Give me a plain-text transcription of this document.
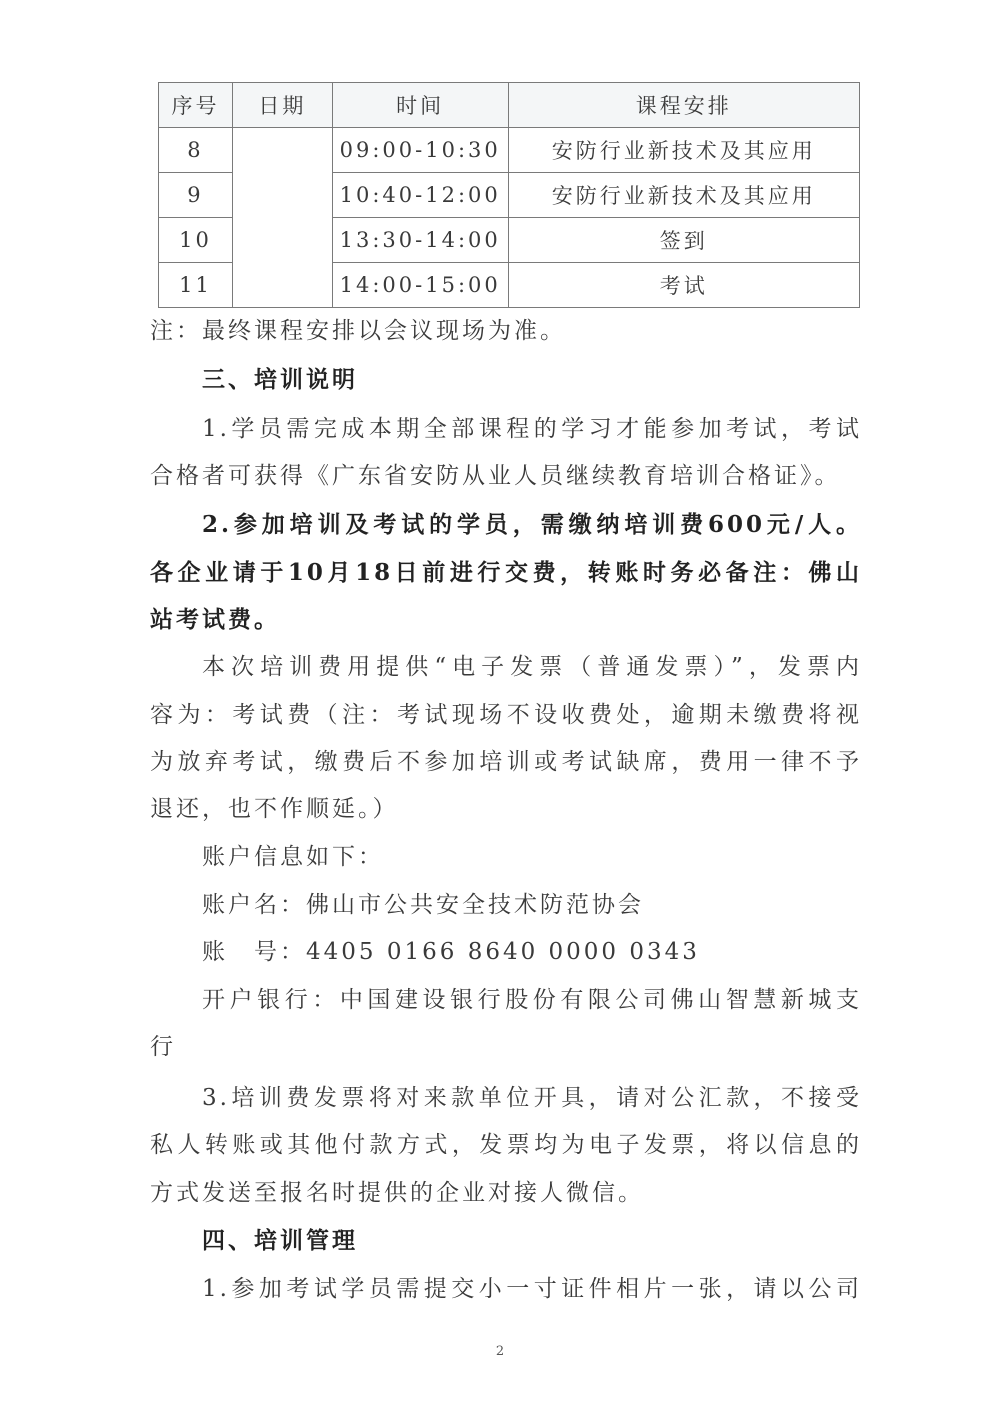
序号	日期	时间	课程安排
8		09:00-10:30	安防行业新技术及其应用
9		10:40-12:00	安防行业新技术及其应用
10		13:30-14:00	签到
11		14:00-15:00	考试

注：最终课程安排以会议现场为准。

三、培训说明

1.学员需完成本期全部课程的学习才能参加考试，考试

合格者可获得《广东省安防从业人员继续教育培训合格证》。

2.参加培训及考试的学员，需缴纳培训费600元/人。

各企业请于10月18日前进行交费，转账时务必备注：佛山

站考试费。

本次培训费用提供“电子发票（普通发票）”，发票内

容为：考试费（注：考试现场不设收费处，逾期未缴费将视

为放弃考试，缴费后不参加培训或考试缺席，费用一律不予

退还，也不作顺延。）

账户信息如下：

账户名：佛山市公共安全技术防范协会

账　号：4405 0166 8640 0000 0343

开户银行：中国建设银行股份有限公司佛山智慧新城支

行

3.培训费发票将对来款单位开具，请对公汇款，不接受

私人转账或其他付款方式，发票均为电子发票，将以信息的

方式发送至报名时提供的企业对接人微信。

四、培训管理

1.参加考试学员需提交小一寸证件相片一张，请以公司

2
